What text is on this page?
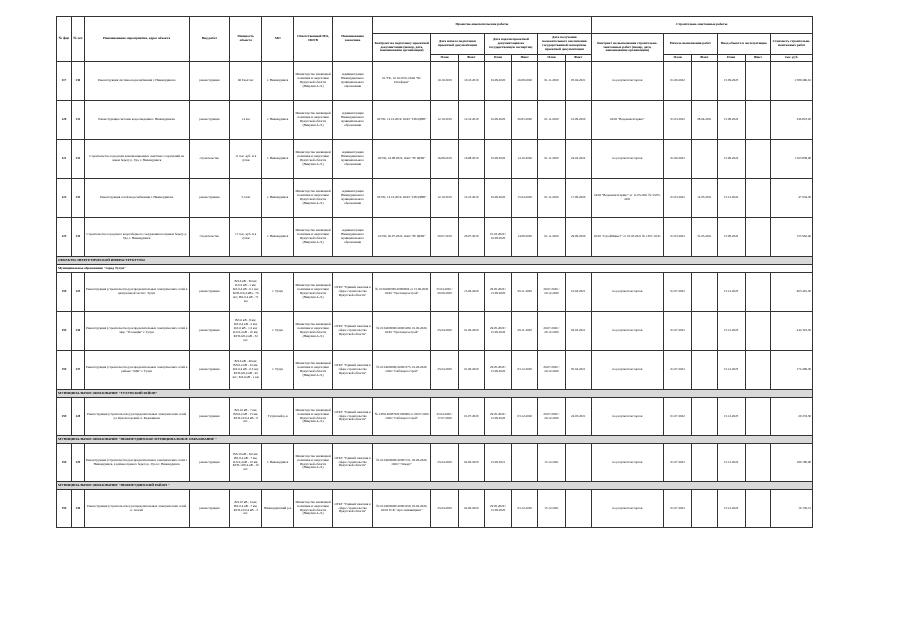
№ фцп	№ п/п	Наименование мероприятия, адрес объекта	Вид работ	Мощность объекта	МО	Ответственный МО, ИОГВ	Наименование заказчика	Проектно-изыскательские работы							Строительно-монтажные работы					
								Контракт на подготовку проектной документации (номер, дата, наименование организации)	Дата начала подготовки проектной документации		Дата подачи проектной документации на государственную экспертизу		Дата получения положительного заключения государственной экспертизы проектной документации		Контракт на выполнение строительно-монтажных работ (номер, дата, наименование организации)	Начало выполнения работ		Ввод объекта в эксплуатацию		Стоимость строительно-монтажных работ
									План	Факт	План	Факт	План	Факт		План	Факт	План	Факт	тыс. руб.
117	130	Реконструкция системы водоснабжения г. Нижнеудинска	реконструкция	66 Гкал/час	г. Нижнеудинск	Министерство жилищной политики и энергетики Иркутской области (Никулин А.Л.)	Администрация Нижнеудинского муниципального образования	01/УК, 10.10.2019, ООО "БС Платформ"	10.10.2019	10.10.2019	01.09.2020	26.08.2020	01.11.2020	05.04.2021	по результатам торгов	01.09.2022		15.09.2023		1 589 496,61
120	131	Реконструкция системы водоотведения г. Нижнеудинска	реконструкция	14 км	г. Нижнеудинск	Министерство жилищной политики и энергетики Иркутской области (Никулин А.Л.)	Администрация Нижнеудинского муниципального образования	02/УК, 12.10.2019, ООО "СПОДНП"	12.10.2019	12.10.2019	01.09.2020	26.05.2020	01.11.2020	10.09.2020	ООО "ВодоканалСервис"	01.03.2022	28.04.2021	15.09.2022		346 823,20
121	132	Строительство городских канализационных очистных сооружений на левом берегу р. Уда, г. Нижнеудинск	строительство	11 тыс. куб. м в сутки	г. Нижнеудинск	Министерство жилищной политики и энергетики Иркутской области (Никулин А.Л.)	Администрация Нижнеудинского муниципального образования	20/УК, 16.08.2019, ОАО "ЗЕ ЦЕШ"	16.08.2019	16.08.2019	01.09.2020	14.10.2020	01.11.2020	24.02.2022	по результатам торгов	01.09.2022		15.09.2023		1 563 838,00
122	133	Реконструкция сетей водоснабжения г. Нижнеудинска	реконструкция	5,3 км	г. Нижнеудинск	Министерство жилищной политики и энергетики Иркутской области (Никулин А.Л.)	Администрация Нижнеудинского муниципального образования	03/УК, 12.10.2019, ООО "СПОДНП"	12.10.2019	12.10.2019	01.09.2020	15.04.2020	01.11.2020	17.09.2020	ООО "ВодоканалСервис" от 11.03.2021 № 53/03-2021	01.03.2022	12.03.2021	15.12.2022		47 034,30
125	134	Строительство городского водозаборного сооружения на правом берегу р. Уда, г. Нижнеудинск	строительство	17 тыс. куб. м в сутки	г. Нижнеудинск	Министерство жилищной политики и энергетики Иркутской области (Никулин А.Л.)	Администрация Нижнеудинского муниципального образования	16/УК, 20.07.2019, ОАО "ЗЕ ЦЕШ"	20.07.2019	20.07.2019	01.03.2020 / 01.09.2020	14.08.2020	01.11.2020	29.09.2020	ООО "СтройИнвест" от 01.03.2021 № 1307-16/21	01.03.2022	31.03.2021	15.09.2022		725 962,40
ОБЪЕКТЫ ЭНЕРГЕТИЧЕСКОЙ ИНФРАСТРУКТУРЫ																				
Муниципальное образование "город Тулун"																				
159	125	Реконструкция (строительство) распределительных электрических сетей в центральной части г. Тулун	реконструкция	ВЛ-6 кВ - 36 км; КЛ-6 кВ - 1 км; КЛ-0,4 кВ - 0,1 км; КТП-6/0,4 кВа - 70 шт.; ВЛ-0,4 кВ - 71 км	г. Тулун	Министерство жилищной политики и энергетики Иркутской области (Никулин А.Л.)	ОГКУ "Единый заказчик в сфере строительства Иркутской области"	№ 0134200000120000604 от 15.06.2020 ООО "Уралэнергострой"	25.04.2020 / 20.06.2020	15.06.2020	29.05.2020 / 15.09.2020	09.11.2020	29.07.2020 / 20.12.2020	10.02.2021	по результатам торгов	01.07.2022		15.12.2023		463 491,50
159	136	Реконструкция (строительство) распределительных электрических сетей в мкр. "Угольщик" г. Тулун	реконструкция	ВЛ-6 кВ - 8 км; КЛ-0,4 кВ - 2 км; КЛ-6 кВ - 1,5 км; КЛ-0,4 кВ - 10 км; КТП-6/0,4 кВ - 32 шт.	г. Тулун	Министерство жилищной политики и энергетики Иркутской области (Никулин А.Л.)	ОГКУ "Единый заказчик в сфере строительства Иркутской области"	№ 0134200000120001480, 01.06.2020, ООО "Уралэнергострой"	25.04.2020	01.06.2020	29.05.2020 / 15.09.2020	09.11.2020	29.07.2020 / 20.12.2020	02.02.2021	по результатам торгов	01.07.2022		15.12.2023		244 323,50
159	137	Реконструкция (строительство) распределительных электрических сетей в районе "ЛДК" г. Тулун	реконструкция	ВЛ-6 кВ - 40 км; ВЛ-0,4 кВ - 32 км; КЛ-0,4 кВ - 0,5 км; КТП-6/0,4 кВ - 42 шт.; КЛ-6 кВ - 1 км	г. Тулун	Министерство жилищной политики и энергетики Иркутской области (Никулин А.Л.)	ОГКУ "Единый заказчик в сфере строительства Иркутской области"	№ 0134200000120001375, 01.06.2020, ООО "Сибэнергострой"	25.04.2020	01.06.2020	29.05.2020 / 15.09.2020	03.12.2020	29.07.2020 / 20.12.2020	05.04.2021	по результатам торгов	01.07.2022		15.12.2023		174 499,30
МУНИЦИПАЛЬНОЕ ОБРАЗОВАНИЕ "ТУЛУНСКИЙ РАЙОН"																				
159	128	Реконструкция (строительство) распределительных электрических сетей ул. Красногорский, п. Евдокимова	реконструкция	ВЛ-10 кВ - 7 км; ВЛ-0,4 кВ - 15 км; КТП-10/0,4 кВ - 9 шт.	Тулунский р-н	Министерство жилищной политики и энергетики Иркутской области (Никулин А.Л.)	ОГКУ "Единый заказчик в сфере строительства Иркутской области"	№ 2381146387920 000000 от 09.07.2020 ООО "Сибэнергострой"	25.04.2020 / 17.07.2020	01.07.2020	29.05.2020 / 15.09.2020	03.12.2020	29.07.2020 / 20.12.2020	24.03.2021	по результатам торгов	01.07.2022		15.12.2023		20 233,30
МУНИЦИПАЛЬНОЕ ОБРАЗОВАНИЕ "НИЖНЕУДИНСКОЕ МУНИЦИПАЛЬНОЕ ОБРАЗОВАНИЕ "																				
159	129	Реконструкция (строительство) распределительных электрических сетей г. Нижнеудинск, в районе правого берега р. Уда в г. Нижнеудинск	реконструкция	ВЛ-10 кВ - 8,0 км; ВЛ-0,4 кВ - 7 км; КЛ-0,4 кВ - 10 км; КТП-10/0,4 кВ - 10 шт.	г. Нижнеудинск	Министерство жилищной политики и энергетики Иркутской области (Никулин А.Л.)	ОГКУ "Единый заказчик в сфере строительства Иркутской области"	№ 0134200000120001721, 02.06.2020, ООО "Элмарт"	25.04.2020	02.06.2020	15.09.2021		15.12.2021		по результатам торгов	01.07.2022		15.12.2023		180 180,00
МУНИЦИПАЛЬНОЕ ОБРАЗОВАНИЕ "НИЖНЕУДИНСКИЙ РАЙОН "																				
159	130	Реконструкция (строительство) распределительных электрических сетей п. Атагай	реконструкция	ВЛ-10 кВ - 6 км; ВЛ-0,4 кВ - 7 км; КТП-10/0,4 кВ - 3 шт.	Нижнеудинский р-н	Министерство жилищной политики и энергетики Иркутской области (Никулин А.Л.)	ОГКУ "Единый заказчик в сфере строительства Иркутской области"	№ 0134200000120001659, 02.06.2020, ООО ГСК "Арзэ инжиниринг"	25.04.2020	02.06.2020	29.05.2020 / 15.09.2020	03.12.2020	15.12.2021		по результатам торгов	01.07.2022		15.12.2023		10 139,31
